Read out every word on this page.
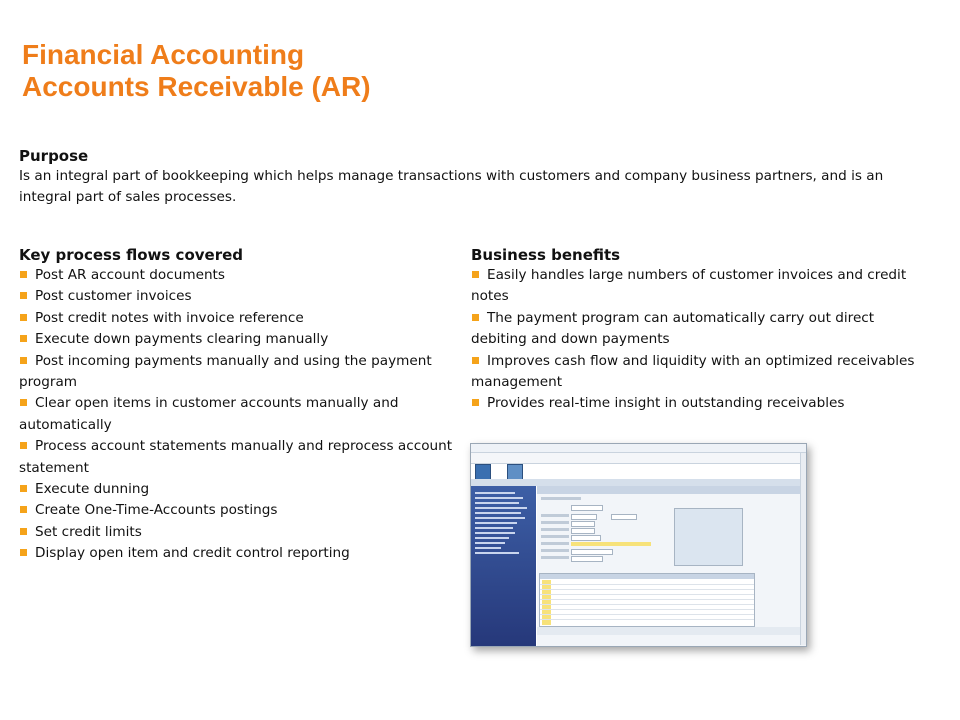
Financial Accounting
Accounts Receivable (AR)
Purpose
Is an integral part of bookkeeping which helps manage transactions with customers and company business partners, and is an integral part of sales processes.
Key process flows covered
Post AR account documents
Post customer invoices
Post credit notes with invoice reference
Execute down payments clearing manually
Post incoming payments manually and using the payment program
Clear open items in customer accounts manually and automatically
Process account statements manually and reprocess account statement
Execute dunning
Create One-Time-Accounts postings
Set credit limits
Display open item and credit control reporting
Business benefits
Easily handles large numbers of customer invoices and credit notes
The payment program can automatically carry out direct debiting and down payments
Improves cash flow and liquidity with an optimized receivables management
Provides real-time insight in outstanding receivables
